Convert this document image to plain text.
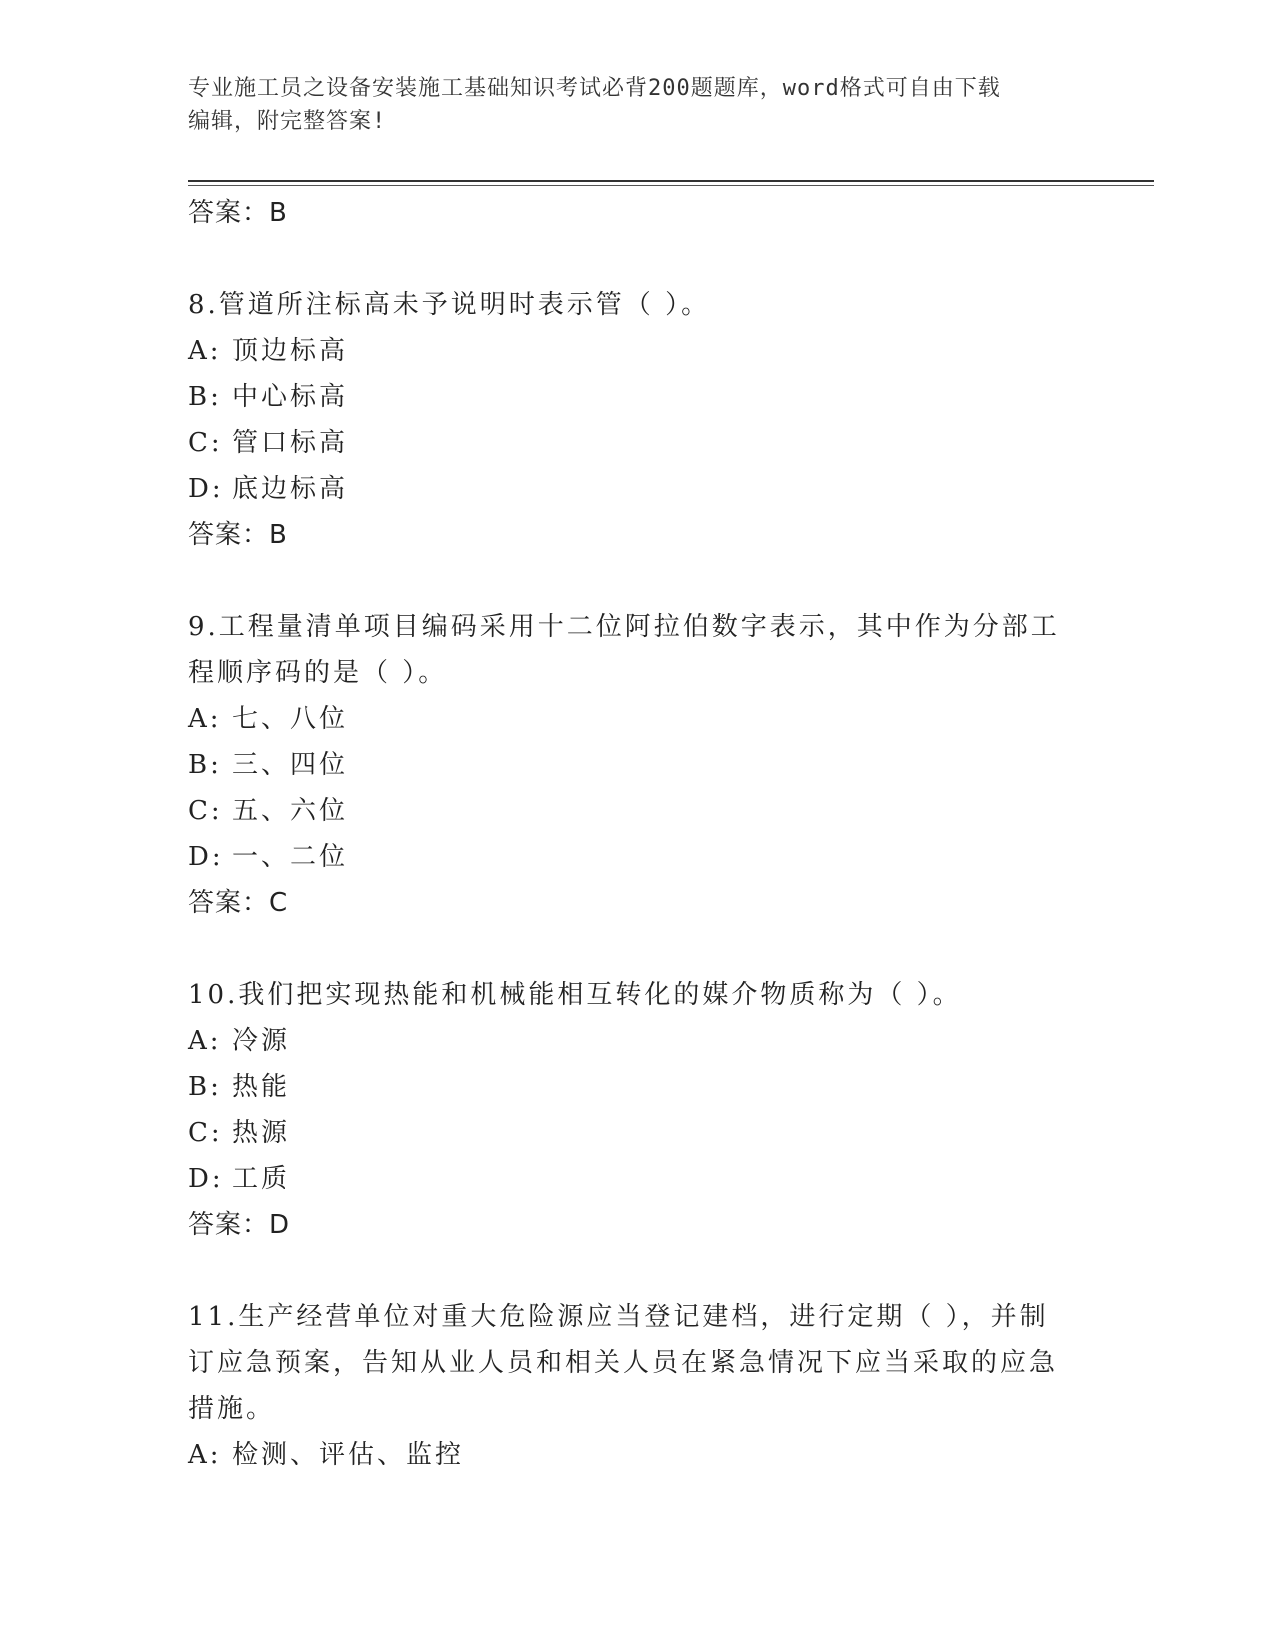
专业施工员之设备安装施工基础知识考试必背200题题库，word格式可自由下载
编辑，附完整答案!
答案：B
8.管道所注标高未予说明时表示管（ ）。
A: 顶边标高
B: 中心标高
C: 管口标高
D: 底边标高
答案：B
9.工程量清单项目编码采用十二位阿拉伯数字表示，其中作为分部工
程顺序码的是（ ）。
A: 七、八位
B: 三、四位
C: 五、六位
D: 一、二位
答案：C
10.我们把实现热能和机械能相互转化的媒介物质称为（ ）。
A: 冷源
B: 热能
C: 热源
D: 工质
答案：D
11.生产经营单位对重大危险源应当登记建档，进行定期（ ），并制
订应急预案，告知从业人员和相关人员在紧急情况下应当采取的应急
措施。
A: 检测、评估、监控
